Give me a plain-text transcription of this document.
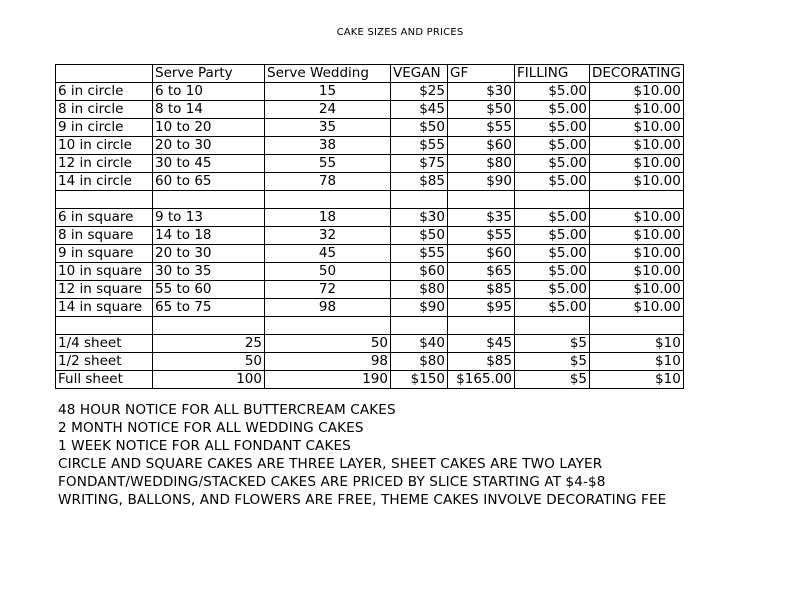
CAKE SIZES AND PRICES
	Serve Party	Serve Wedding	VEGAN	GF	FILLING	DECORATING
6 in circle	6 to 10	15	$25	$30	$5.00	$10.00
8 in circle	8 to 14	24	$45	$50	$5.00	$10.00
9 in circle	10 to 20	35	$50	$55	$5.00	$10.00
10 in circle	20 to 30	38	$55	$60	$5.00	$10.00
12 in circle	30 to 45	55	$75	$80	$5.00	$10.00
14 in circle	60 to 65	78	$85	$90	$5.00	$10.00

6 in square	9 to 13	18	$30	$35	$5.00	$10.00
8 in square	14 to 18	32	$50	$55	$5.00	$10.00
9 in square	20 to 30	45	$55	$60	$5.00	$10.00
10 in square	30 to 35	50	$60	$65	$5.00	$10.00
12 in square	55 to 60	72	$80	$85	$5.00	$10.00
14 in square	65 to 75	98	$90	$95	$5.00	$10.00

1/4 sheet	25	50	$40	$45	$5	$10
1/2 sheet	50	98	$80	$85	$5	$10
Full sheet	100	190	$150	$165.00	$5	$10
48 HOUR NOTICE FOR ALL BUTTERCREAM CAKES
2 MONTH NOTICE FOR ALL WEDDING CAKES
1 WEEK NOTICE FOR ALL FONDANT CAKES
CIRCLE AND SQUARE CAKES ARE THREE LAYER, SHEET CAKES ARE TWO LAYER
FONDANT/WEDDING/STACKED CAKES ARE PRICED BY SLICE STARTING AT $4-$8
WRITING, BALLONS, AND FLOWERS ARE FREE, THEME CAKES INVOLVE DECORATING FEE
